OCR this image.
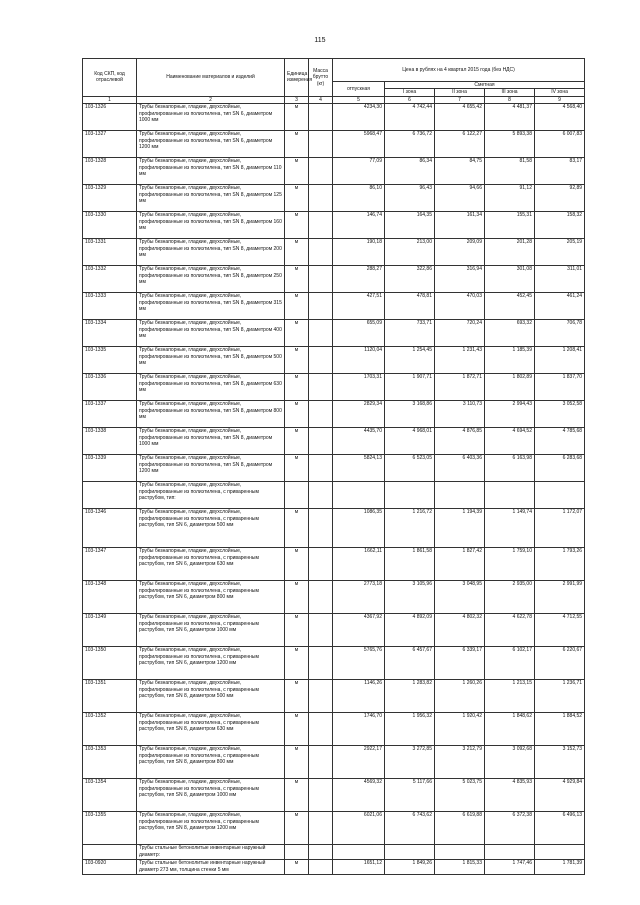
115
Код СКП, код отраслевой	Наименование материалов и изделий	Единица измерения	Масса брутто (кг)	Цена в рублях на 4 квартал 2015 года (без НДС)				
				отпускная	Сметная			
					I зона	II зона	III зона	IV зона
1	2	3	4	5	6	7	8	9
103-1326	Трубы безнапорные, гладкие, двухслойные, профилированные из полиэтилена, тип SN 6, диаметром 1000 мм	м		4234,30	4 742,44	4 655,42	4 481,37	4 568,40
103-1327	Трубы безнапорные, гладкие, двухслойные, профилированные из полиэтилена, тип SN 6, диаметром 1200 мм	м		5968,47	6 736,72	6 122,27	5 893,38	6 007,83
103-1328	Трубы безнапорные, гладкие, двухслойные, профилированные из полиэтилена, тип SN 8, диаметром 110 мм	м		77,09	86,34	84,75	81,58	83,17
103-1329	Трубы безнапорные, гладкие, двухслойные, профилированные из полиэтилена, тип SN 8, диаметром 125 мм	м		86,10	96,43	94,66	91,12	92,89
103-1330	Трубы безнапорные, гладкие, двухслойные, профилированные из полиэтилена, тип SN 8, диаметром 160 мм	м		146,74	164,35	161,34	155,31	158,32
103-1331	Трубы безнапорные, гладкие, двухслойные, профилированные из полиэтилена, тип SN 8, диаметром 200 мм	м		190,18	213,00	209,09	201,28	205,19
103-1332	Трубы безнапорные, гладкие, двухслойные, профилированные из полиэтилена, тип SN 8, диаметром 250 мм	м		288,27	322,86	316,94	301,08	311,01
103-1333	Трубы безнапорные, гладкие, двухслойные, профилированные из полиэтилена, тип SN 8, диаметром 315 мм	м		427,51	478,81	470,03	452,45	461,24
103-1334	Трубы безнапорные, гладкие, двухслойные, профилированные из полиэтилена, тип SN 8, диаметром 400 мм	м		655,09	733,71	720,24	693,32	706,78
103-1335	Трубы безнапорные, гладкие, двухслойные, профилированные из полиэтилена, тип SN 8, диаметром 500 мм	м		1120,04	1 254,45	1 231,43	1 185,39	1 208,41
103-1336	Трубы безнапорные, гладкие, двухслойные, профилированные из полиэтилена, тип SN 8, диаметром 630 мм	м		1703,31	1 907,71	1 872,71	1 802,89	1 837,70
103-1337	Трубы безнапорные, гладкие, двухслойные, профилированные из полиэтилена, тип SN 8, диаметром 800 мм	м		2829,34	3 168,86	3 110,73	2 994,43	3 052,58
103-1338	Трубы безнапорные, гладкие, двухслойные, профилированные из полиэтилена, тип SN 8, диаметром 1000 мм	м		4435,70	4 968,01	4 876,85	4 694,52	4 785,68
103-1339	Трубы безнапорные, гладкие, двухслойные, профилированные из полиэтилена, тип SN 8, диаметром 1200 мм	м		5824,13	6 523,05	6 403,36	6 163,98	6 283,68
	Трубы безнапорные, гладкие, двухслойные, профилированные из полиэтилена, с приваренным раструбом, тип:							
103-1346	Трубы безнапорные, гладкие, двухслойные, профилированные из полиэтилена, с приваренным раструбом, тип SN 6, диаметром 500 мм	м		1086,35	1 216,72	1 194,39	1 149,74	1 172,07
103-1347	Трубы безнапорные, гладкие, двухслойные, профилированные из полиэтилена, с приваренным раструбом, тип SN 6, диаметром 630 мм	м		1662,11	1 861,58	1 827,42	1 759,10	1 793,26
103-1348	Трубы безнапорные, гладкие, двухслойные, профилированные из полиэтилена, с приваренным раструбом, тип SN 6, диаметром 800 мм	м		2773,18	3 105,96	3 048,95	2 935,00	2 991,99
103-1349	Трубы безнапорные, гладкие, двухслойные, профилированные из полиэтилена, с приваренным раструбом, тип SN 6, диаметром 1000 мм	м		4367,92	4 892,09	4 802,32	4 622,78	4 712,55
103-1350	Трубы безнапорные, гладкие, двухслойные, профилированные из полиэтилена, с приваренным раструбом, тип SN 6, диаметром 1200 мм	м		5765,76	6 457,67	6 339,17	6 102,17	6 220,67
103-1351	Трубы безнапорные, гладкие, двухслойные, профилированные из полиэтилена, с приваренным раструбом, тип SN 8, диаметром 500 мм	м		1146,26	1 283,82	1 260,26	1 213,15	1 236,71
103-1352	Трубы безнапорные, гладкие, двухслойные, профилированные из полиэтилена, с приваренным раструбом, тип SN 8, диаметром 630 мм	м		1746,70	1 956,32	1 920,42	1 848,62	1 884,52
103-1353	Трубы безнапорные, гладкие, двухслойные, профилированные из полиэтилена, с приваренным раструбом, тип SN 8, диаметром 800 мм	м		2922,17	3 272,85	3 212,79	3 092,68	3 152,73
103-1354	Трубы безнапорные, гладкие, двухслойные, профилированные из полиэтилена, с приваренным раструбом, тип SN 8, диаметром 1000 мм	м		4569,32	5 117,66	5 023,75	4 835,93	4 929,84
103-1355	Трубы безнапорные, гладкие, двухслойные, профилированные из полиэтилена, с приваренным раструбом, тип SN 8, диаметром 1200 мм	м		6021,06	6 743,62	6 619,88	6 372,38	6 496,13
	Трубы стальные бетонолитые инвентарные наружный диаметр:							
103-0920	Трубы стальные бетонолитые инвентарные наружный диаметр 273 мм, толщина стенки 5 мм	м		1651,12	1 849,26	1 815,33	1 747,46	1 781,39
